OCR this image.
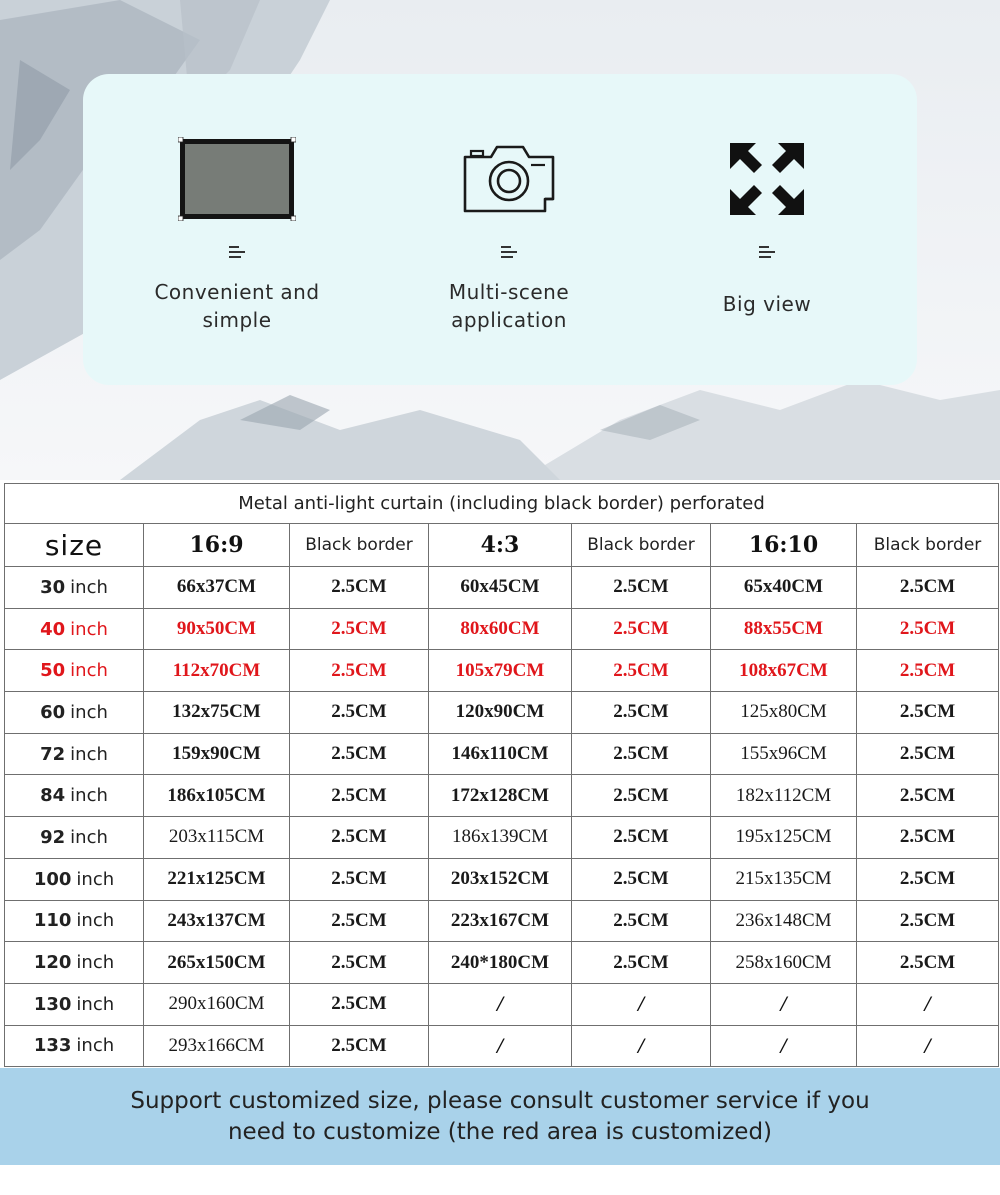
Convenient and simple
Multi-scene application
Big view
Metal anti-light curtain (including black border) perforated						
size	16:9	Black border	4:3	Black border	16:10	Black border
30 inch	66x37CM	2.5CM	60x45CM	2.5CM	65x40CM	2.5CM
40 inch	90x50CM	2.5CM	80x60CM	2.5CM	88x55CM	2.5CM
50 inch	112x70CM	2.5CM	105x79CM	2.5CM	108x67CM	2.5CM
60 inch	132x75CM	2.5CM	120x90CM	2.5CM	125x80CM	2.5CM
72 inch	159x90CM	2.5CM	146x110CM	2.5CM	155x96CM	2.5CM
84 inch	186x105CM	2.5CM	172x128CM	2.5CM	182x112CM	2.5CM
92 inch	203x115CM	2.5CM	186x139CM	2.5CM	195x125CM	2.5CM
100 inch	221x125CM	2.5CM	203x152CM	2.5CM	215x135CM	2.5CM
110 inch	243x137CM	2.5CM	223x167CM	2.5CM	236x148CM	2.5CM
120 inch	265x150CM	2.5CM	240*180CM	2.5CM	258x160CM	2.5CM
130 inch	290x160CM	2.5CM	/	/	/	/
133 inch	293x166CM	2.5CM	/	/	/	/

Support customized size, please consult customer service if you

need to customize (the red area is customized)
